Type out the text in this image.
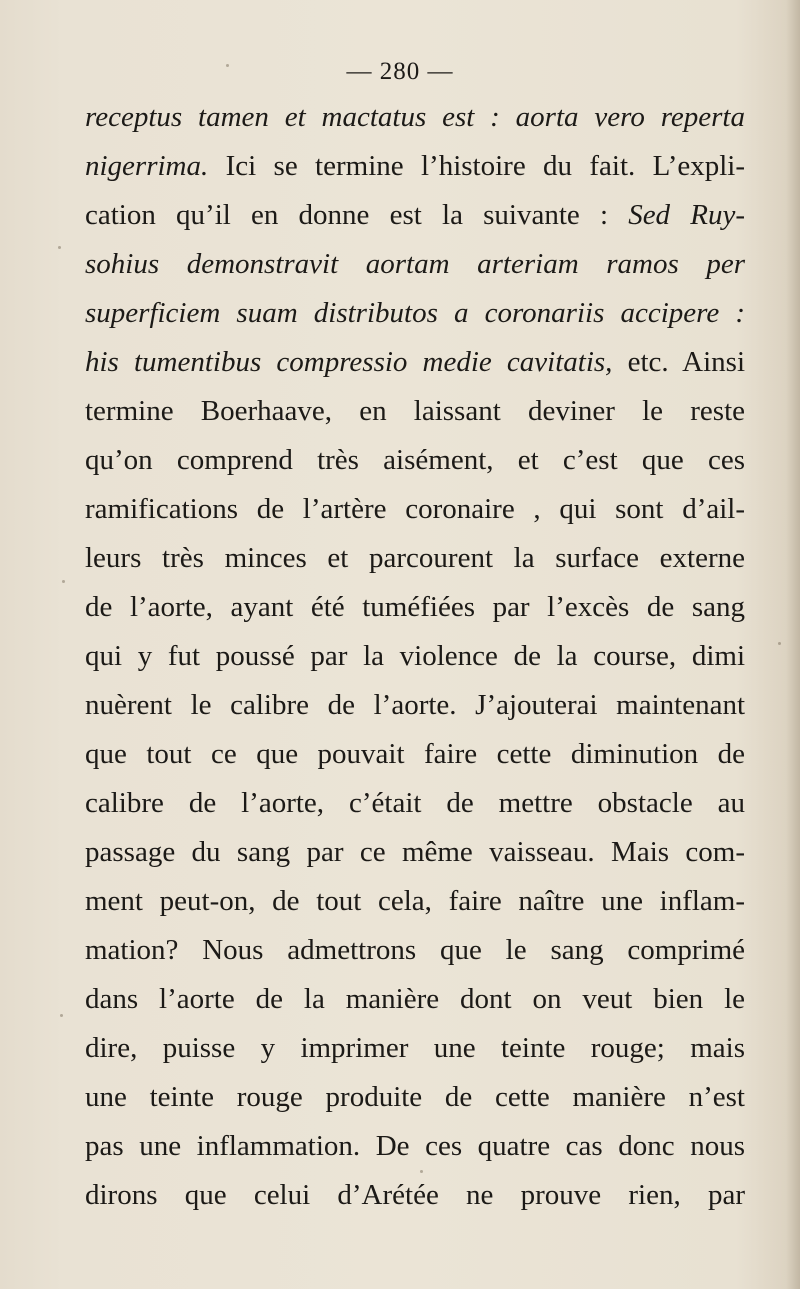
— 280 —
receptus tamen et mactatus est : aorta vero reperta
nigerrima. Ici se termine l’histoire du fait. L’expli-
cation qu’il en donne est la suivante : Sed Ruy-
sohius demonstravit aortam arteriam ramos per
superficiem suam distributos a coronariis accipere :
his tumentibus compressio medie cavitatis, etc. Ainsi
termine Boerhaave, en laissant deviner le reste
qu’on comprend très aisément, et c’est que ces
ramifications de l’artère coronaire , qui sont d’ail-
leurs très minces et parcourent la surface externe
de l’aorte, ayant été tuméfiées par l’excès de sang
qui y fut poussé par la violence de la course, dimi
nuèrent le calibre de l’aorte. J’ajouterai maintenant
que tout ce que pouvait faire cette diminution de
calibre de l’aorte, c’était de mettre obstacle au
passage du sang par ce même vaisseau. Mais com-
ment peut-on, de tout cela, faire naître une inflam-
mation? Nous admettrons que le sang comprimé
dans l’aorte de la manière dont on veut bien le
dire, puisse y imprimer une teinte rouge; mais
une teinte rouge produite de cette manière n’est
pas une inflammation. De ces quatre cas donc nous
dirons que celui d’Arétée ne prouve rien, par
